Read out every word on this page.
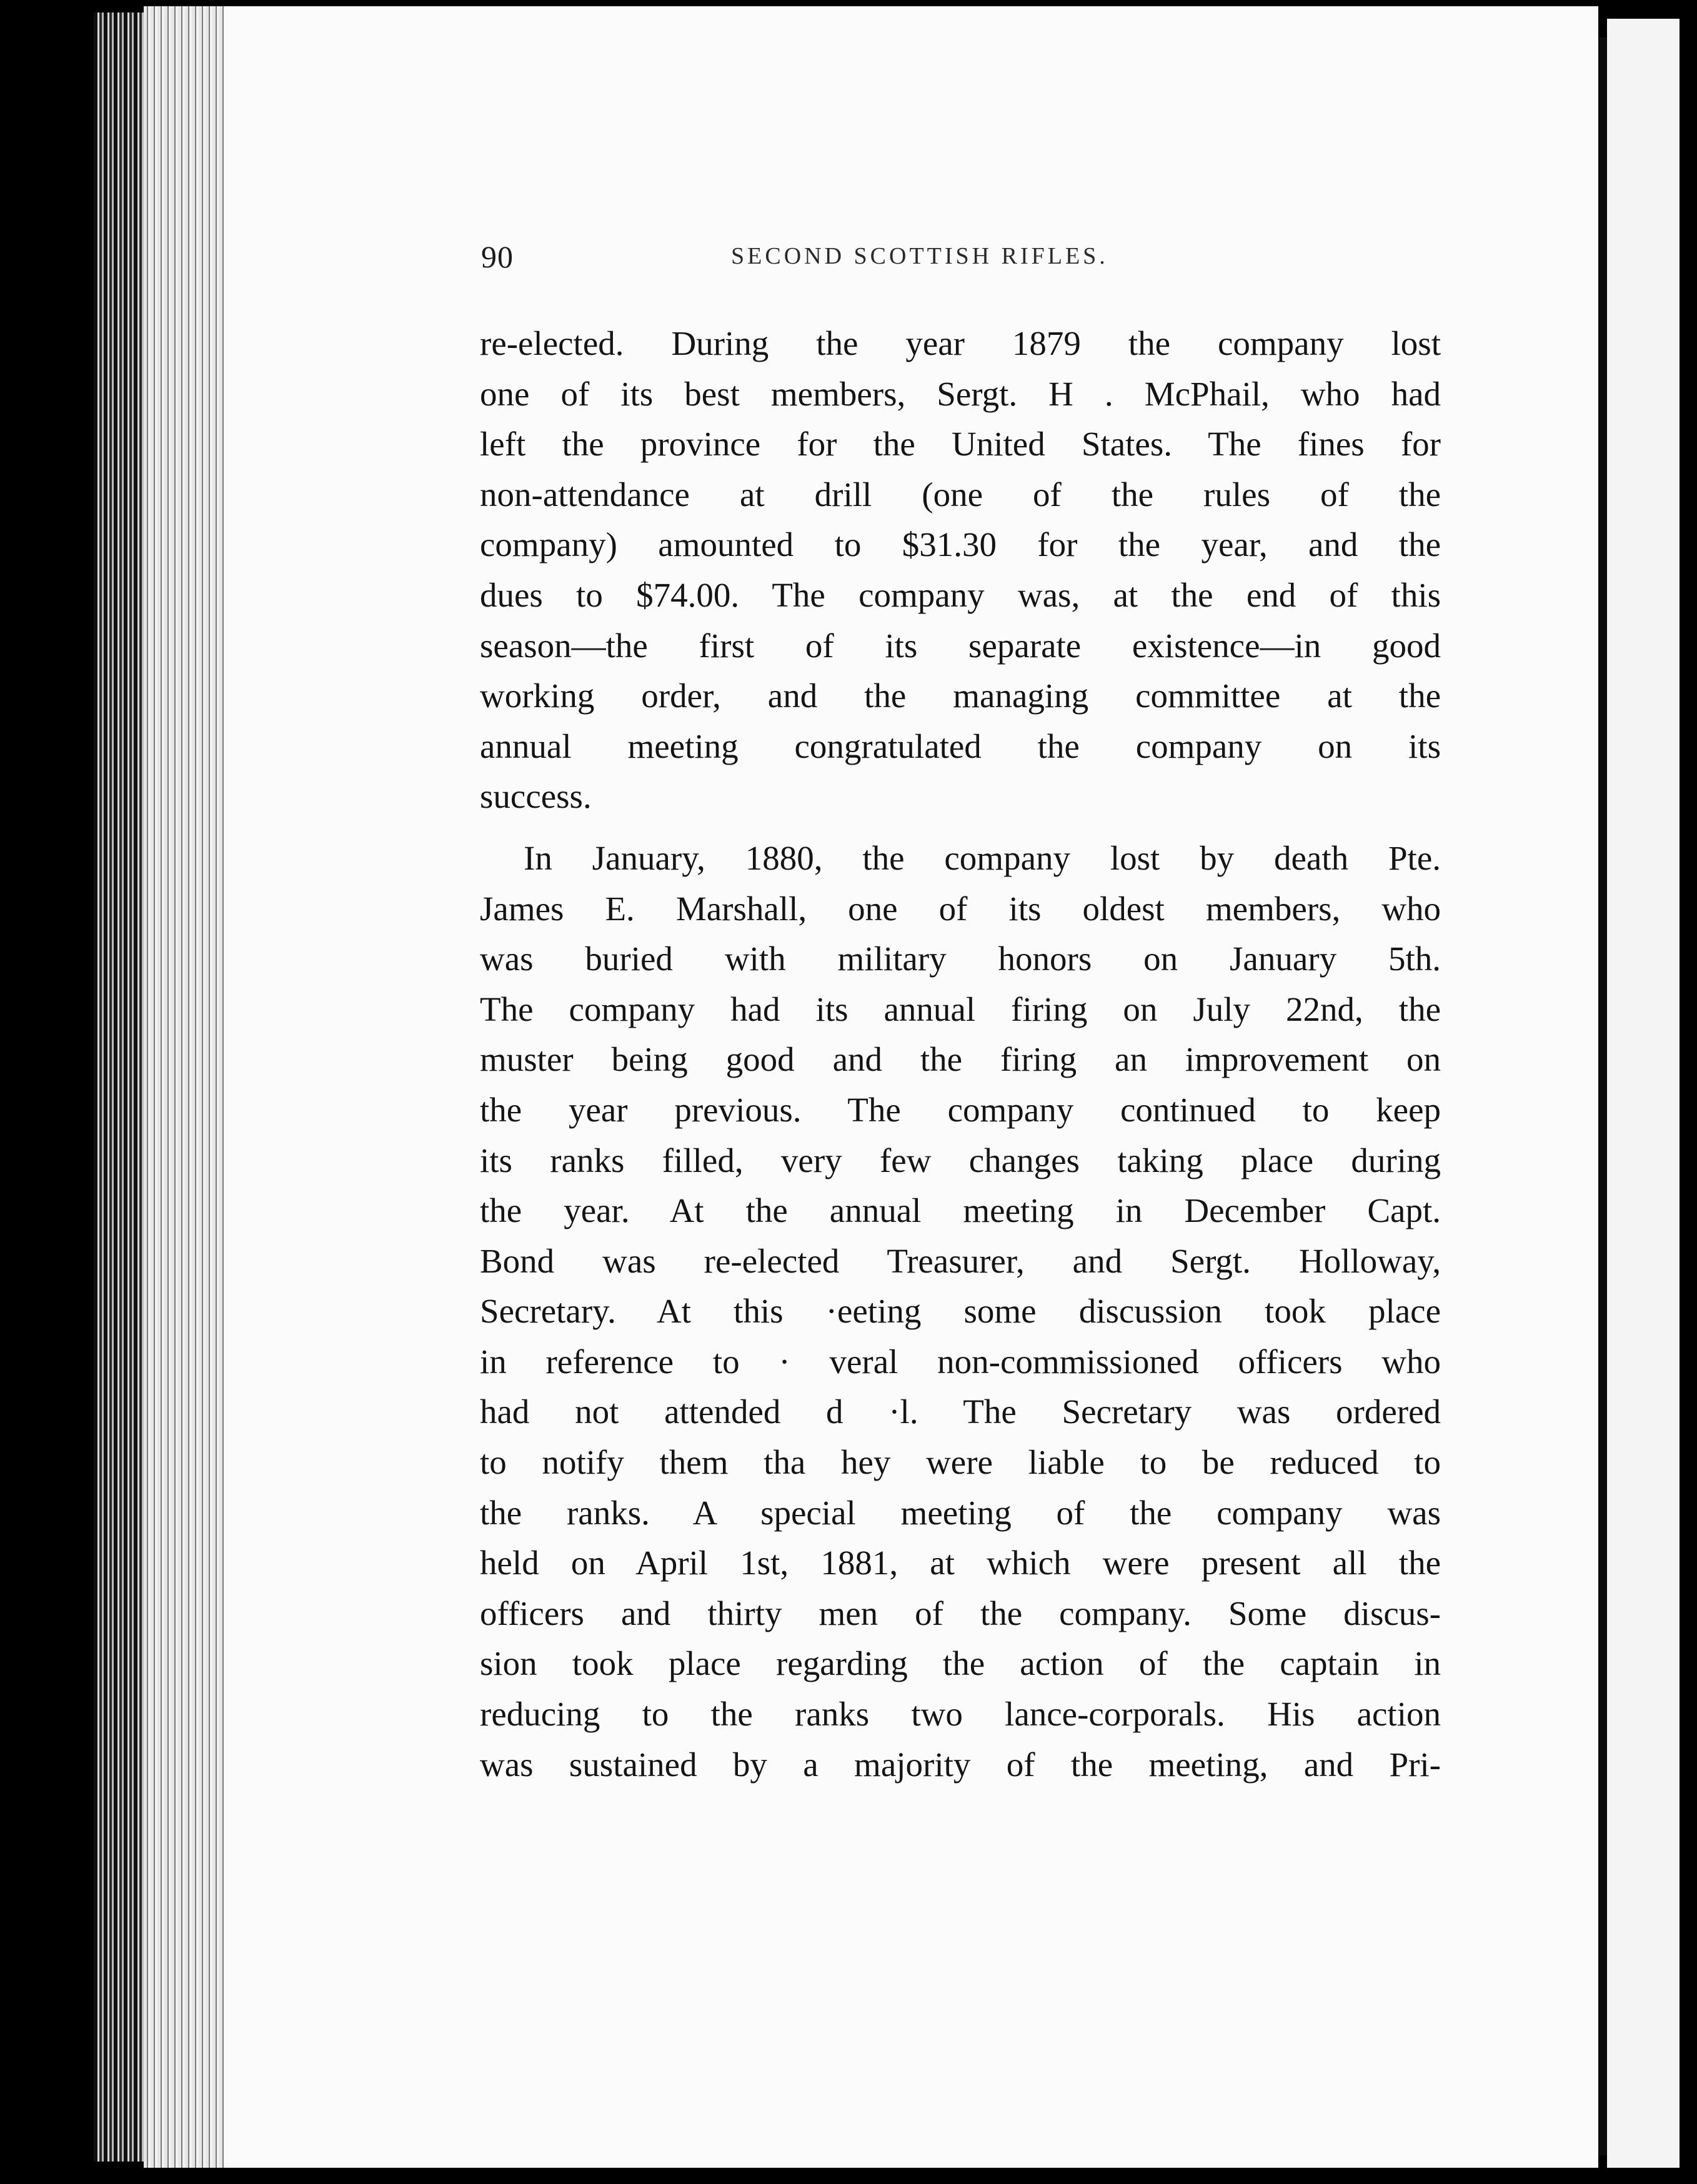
90	SECOND SCOTTISH RIFLES.
re-elected. During the year 1879 the company lost
one of its best members, Sergt. H . McPhail, who had
left the province for the United States. The fines for
non-attendance at drill (one of the rules of the
company) amounted to $31.30 for the year, and the
dues to $74.00. The company was, at the end of this
season—the first of its separate existence—in good
working order, and the managing committee at the
annual meeting congratulated the company on its
success.
In January, 1880, the company lost by death Pte.
James E. Marshall, one of its oldest members, who
was buried with military honors on January 5th.
The company had its annual firing on July 22nd, the
muster being good and the firing an improvement on
the year previous. The company continued to keep
its ranks filled, very few changes taking place during
the year. At the annual meeting in December Capt.
Bond was re-elected Treasurer, and Sergt. Holloway,
Secretary. At this ·eeting some discussion took place
in reference to · veral non-commissioned officers who
had not attended d ·l. The Secretary was ordered
to notify them tha hey were liable to be reduced to
the ranks. A special meeting of the company was
held on April 1st, 1881, at which were present all the
officers and thirty men of the company. Some discus-
sion took place regarding the action of the captain in
reducing to the ranks two lance-corporals. His action
was sustained by a majority of the meeting, and Pri-
